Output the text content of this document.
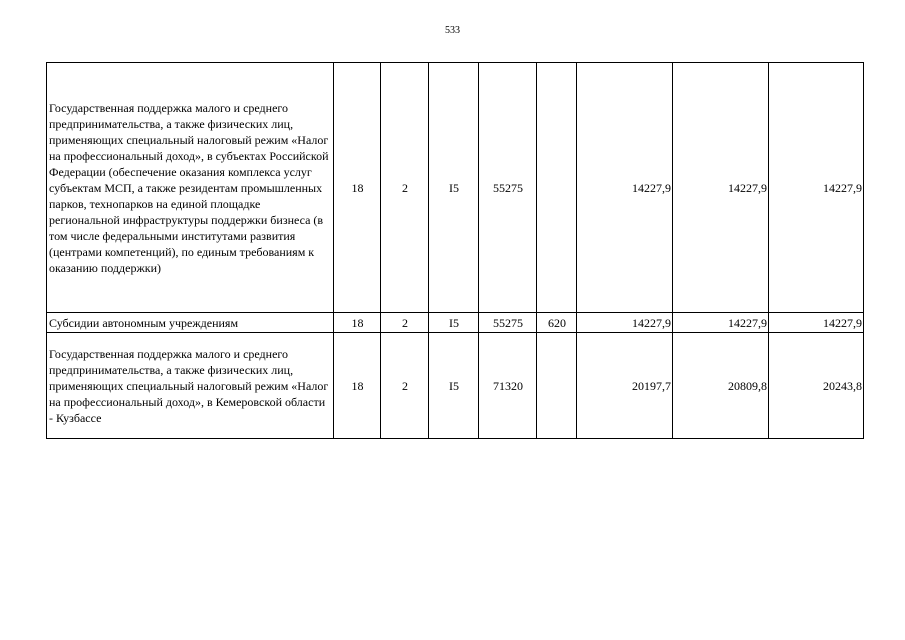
533
Государственная поддержка малого и среднего предпринимательства, а также физических лиц, применяющих специальный налоговый режим «Налог на профессиональный доход», в субъектах Российской Федерации (обеспечение оказания комплекса услуг субъектам МСП, а также резидентам промышленных парков, технопарков на единой площадке региональной инфраструктуры поддержки бизнеса (в том числе федеральными институтами развития (центрами компетенций), по единым требованиям к оказанию поддержки)	18	2	I5	55275		14227,9	14227,9	14227,9
Субсидии автономным учреждениям	18	2	I5	55275	620	14227,9	14227,9	14227,9
Государственная поддержка малого и среднего предпринимательства, а также физических лиц, применяющих специальный налоговый режим «Налог на профессиональный доход», в Кемеровской области - Кузбассе	18	2	I5	71320		20197,7	20809,8	20243,8
